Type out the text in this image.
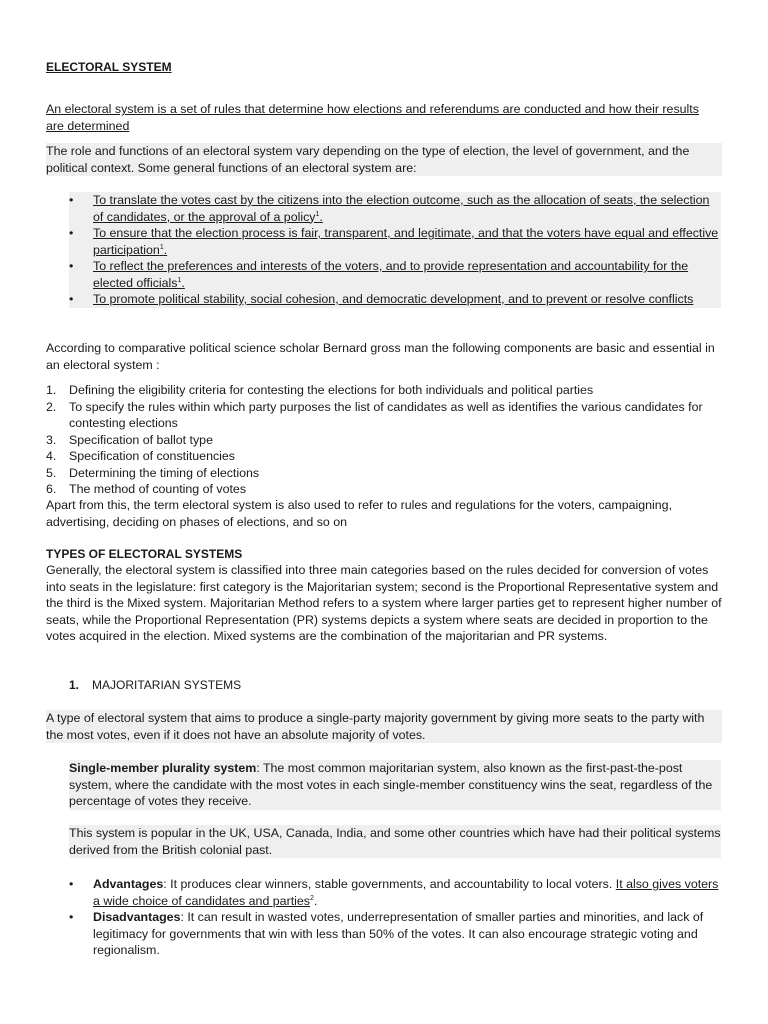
ELECTORAL SYSTEM
An electoral system is a set of rules that determine how elections and referendums are conducted and how their results are determined
The role and functions of an electoral system vary depending on the type of election, the level of government, and the political context. Some general functions of an electoral system are:
• To translate the votes cast by the citizens into the election outcome, such as the allocation of seats, the selection of candidates, or the approval of a policy$^1$.
• To ensure that the election process is fair, transparent, and legitimate, and that the voters have equal and effective participation$^1$.
• To reflect the preferences and interests of the voters, and to provide representation and accountability for the elected officials$^1$.
• To promote political stability, social cohesion, and democratic development, and to prevent or resolve conflicts
According to comparative political science scholar Bernard gross man the following components are basic and essential in an electoral system :
1. Defining the eligibility criteria for contesting the elections for both individuals and political parties
2. To specify the rules within which party purposes the list of candidates as well as identifies the various candidates for contesting elections
3. Specification of ballot type
4. Specification of constituencies
5. Determining the timing of elections
6. The method of counting of votes
Apart from this, the term electoral system is also used to refer to rules and regulations for the voters, campaigning, advertising, deciding on phases of elections, and so on
TYPES OF ELECTORAL SYSTEMS
Generally, the electoral system is classified into three main categories based on the rules decided for conversion of votes into seats in the legislature: first category is the Majoritarian system; second is the Proportional Representative system and the third is the Mixed system. Majoritarian Method refers to a system where larger parties get to represent higher number of seats, while the Proportional Representation (PR) systems depicts a system where seats are decided in proportion to the votes acquired in the election. Mixed systems are the combination of the majoritarian and PR systems.
1. MAJORITARIAN SYSTEMS
A type of electoral system that aims to produce a single-party majority government by giving more seats to the party with the most votes, even if it does not have an absolute majority of votes.
Single-member plurality system: The most common majoritarian system, also known as the first-past-the-post system, where the candidate with the most votes in each single-member constituency wins the seat, regardless of the percentage of votes they receive.
This system is popular in the UK, USA, Canada, India, and some other countries which have had their political systems derived from the British colonial past.
• Advantages: It produces clear winners, stable governments, and accountability to local voters. It also gives voters a wide choice of candidates and parties$^2$.
• Disadvantages: It can result in wasted votes, underrepresentation of smaller parties and minorities, and lack of legitimacy for governments that win with less than 50% of the votes. It can also encourage strategic voting and regionalism.
